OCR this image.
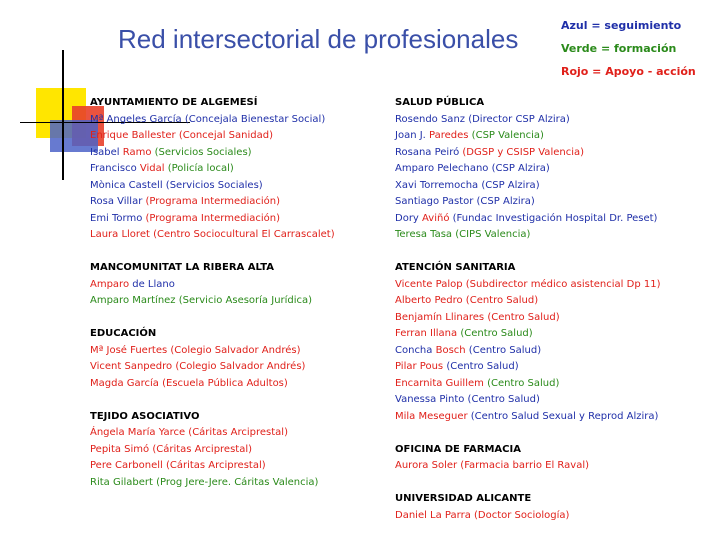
Red intersectorial de profesionales	Azul = seguimiento
Verde = formación
Rojo = Apoyo - acción
AYUNTAMIENTO DE ALGEMESÍ
Mª Angeles García (Concejala Bienestar Social)
Enrique Ballester (Concejal Sanidad)
Isabel Ramo (Servicios Sociales)
Francisco Vidal (Policía local)
Mònica Castell (Servicios Sociales)
Rosa Villar (Programa Intermediación)
Emi Tormo (Programa Intermediación)
Laura Lloret (Centro Sociocultural El Carrascalet)
MANCOMUNITAT LA RIBERA ALTA
Amparo de Llano
Amparo Martínez (Servicio Asesoría Jurídica)
EDUCACIÓN
Mª José Fuertes (Colegio Salvador Andrés)
Vicent Sanpedro (Colegio Salvador Andrés)
Magda García (Escuela Pública Adultos)
TEJIDO ASOCIATIVO
Ángela María Yarce (Cáritas Arciprestal)
Pepita Simó (Cáritas Arciprestal)
Pere Carbonell (Cáritas Arciprestal)
Rita Gilabert (Prog Jere-Jere. Cáritas Valencia)
SALUD PÚBLICA
Rosendo Sanz (Director CSP Alzira)
Joan J. Paredes (CSP Valencia)
Rosana Peiró (DGSP y CSISP Valencia)
Amparo Pelechano (CSP Alzira)
Xavi Torremocha (CSP Alzira)
Santiago Pastor (CSP Alzira)
Dory Aviñó (Fundac Investigación Hospital Dr. Peset)
Teresa Tasa (CIPS Valencia)
ATENCIÓN SANITARIA
Vicente Palop (Subdirector médico asistencial Dp 11)
Alberto Pedro (Centro Salud)
Benjamín Llinares (Centro Salud)
Ferran Illana (Centro Salud)
Concha Bosch (Centro Salud)
Pilar Pous (Centro Salud)
Encarnita Guillem (Centro Salud)
Vanessa Pinto (Centro Salud)
Mila Meseguer (Centro Salud Sexual y Reprod Alzira)
OFICINA DE FARMACIA
Aurora Soler (Farmacia barrio El Raval)
UNIVERSIDAD ALICANTE
Daniel La Parra (Doctor Sociología)
